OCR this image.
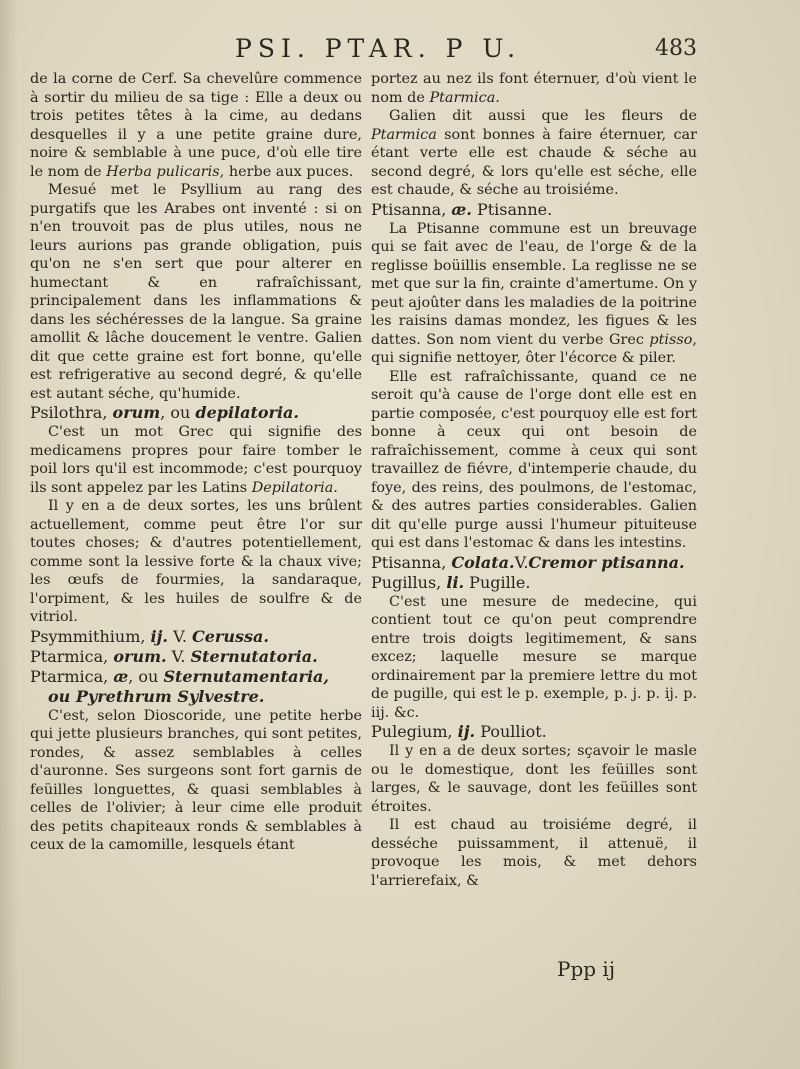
PSI. PTAR. P U.	483

de la corne de Cerf. Sa chevelûre commence à sortir du milieu de sa tige : Elle a deux ou trois petites têtes à la cime, au dedans desquelles il y a une petite graine dure, noire & semblable à une puce, d'où elle tire le nom de Herba pulicaris, herbe aux puces.

Mesué met le Psyllium au rang des purgatifs que les Arabes ont inventé : si on n'en trouvoit pas de plus utiles, nous ne leurs aurions pas grande obligation, puis qu'on ne s'en sert que pour alterer en humectant & en rafraîchissant, principalement dans les inflammations & dans les séchéresses de la langue. Sa graine amollit & lâche doucement le ventre. Galien dit que cette graine est fort bonne, qu'elle est refrigerative au second degré, & qu'elle est autant séche, qu'humide.

Psilothra, orum, ou depilatoria.

C'est un mot Grec qui signifie des medicamens propres pour faire tomber le poil lors qu'il est incommode; c'est pourquoy ils sont appelez par les Latins Depilatoria.

Il y en a de deux sortes, les uns brûlent actuellement, comme peut être l'or sur toutes choses; & d'autres potentiellement, comme sont la lessive forte & la chaux vive; les œufs de fourmies, la sandaraque, l'orpiment, & les huiles de soulfre & de vitriol.

Psymmithium, ij. V. Cerussa.

Ptarmica, orum. V. Sternutatoria.

Ptarmica, æ, ou Sternutamentaria,
ou Pyrethrum Sylvestre.

C'est, selon Dioscoride, une petite herbe qui jette plusieurs branches, qui sont petites, rondes, & assez semblables à celles d'auronne. Ses surgeons sont fort garnis de feüilles longuettes, & quasi semblables à celles de l'olivier; à leur cime elle produit des petits chapiteaux ronds & semblables à ceux de la camomille, lesquels étant

portez au nez ils font éternuer, d'où vient le nom de Ptarmica.

Galien dit aussi que les fleurs de Ptarmica sont bonnes à faire éternuer, car étant verte elle est chaude & séche au second degré, & lors qu'elle est séche, elle est chaude, & séche au troisiéme.

Ptisanna, æ. Ptisanne.

La Ptisanne commune est un breuvage qui se fait avec de l'eau, de l'orge & de la reglisse boüillis ensemble. La reglisse ne se met que sur la fin, crainte d'amertume. On y peut ajoûter dans les maladies de la poitrine les raisins damas mondez, les figues & les dattes. Son nom vient du verbe Grec ptisso, qui signifie nettoyer, ôter l'écorce & piler.

Elle est rafraîchissante, quand ce ne seroit qu'à cause de l'orge dont elle est en partie composée, c'est pourquoy elle est fort bonne à ceux qui ont besoin de rafraîchissement, comme à ceux qui sont travaillez de fiévre, d'intemperie chaude, du foye, des reins, des poulmons, de l'estomac, & des autres parties considerables. Galien dit qu'elle purge aussi l'humeur pituiteuse qui est dans l'estomac & dans les intestins.

Ptisanna, Colata.V.Cremor ptisanna.

Pugillus, li. Pugille.

C'est une mesure de medecine, qui contient tout ce qu'on peut comprendre entre trois doigts legitimement, & sans excez; laquelle mesure se marque ordinairement par la premiere lettre du mot de pugille, qui est le p. exemple, p. j. p. ij. p. iij. &c.

Pulegium, ij. Poulliot.

Il y en a de deux sortes; sçavoir le masle ou le domestique, dont les feüilles sont larges, & le sauvage, dont les feüilles sont étroites.

Il est chaud au troisiéme degré, il desséche puissamment, il attenuë, il provoque les mois, & met dehors l'arrierefaix, &

Ppp ij
